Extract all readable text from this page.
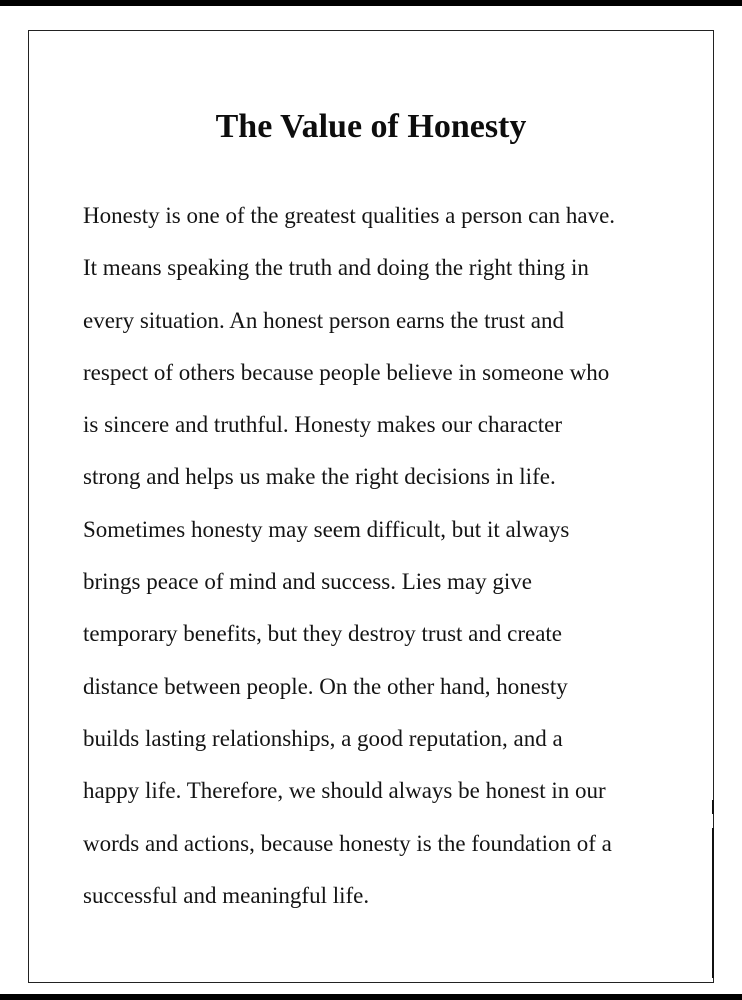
The Value of Honesty
Honesty is one of the greatest qualities a person can have.
It means speaking the truth and doing the right thing in
every situation. An honest person earns the trust and
respect of others because people believe in someone who
is sincere and truthful. Honesty makes our character
strong and helps us make the right decisions in life.
Sometimes honesty may seem difficult, but it always
brings peace of mind and success. Lies may give
temporary benefits, but they destroy trust and create
distance between people. On the other hand, honesty
builds lasting relationships, a good reputation, and a
happy life. Therefore, we should always be honest in our
words and actions, because honesty is the foundation of a
successful and meaningful life.
